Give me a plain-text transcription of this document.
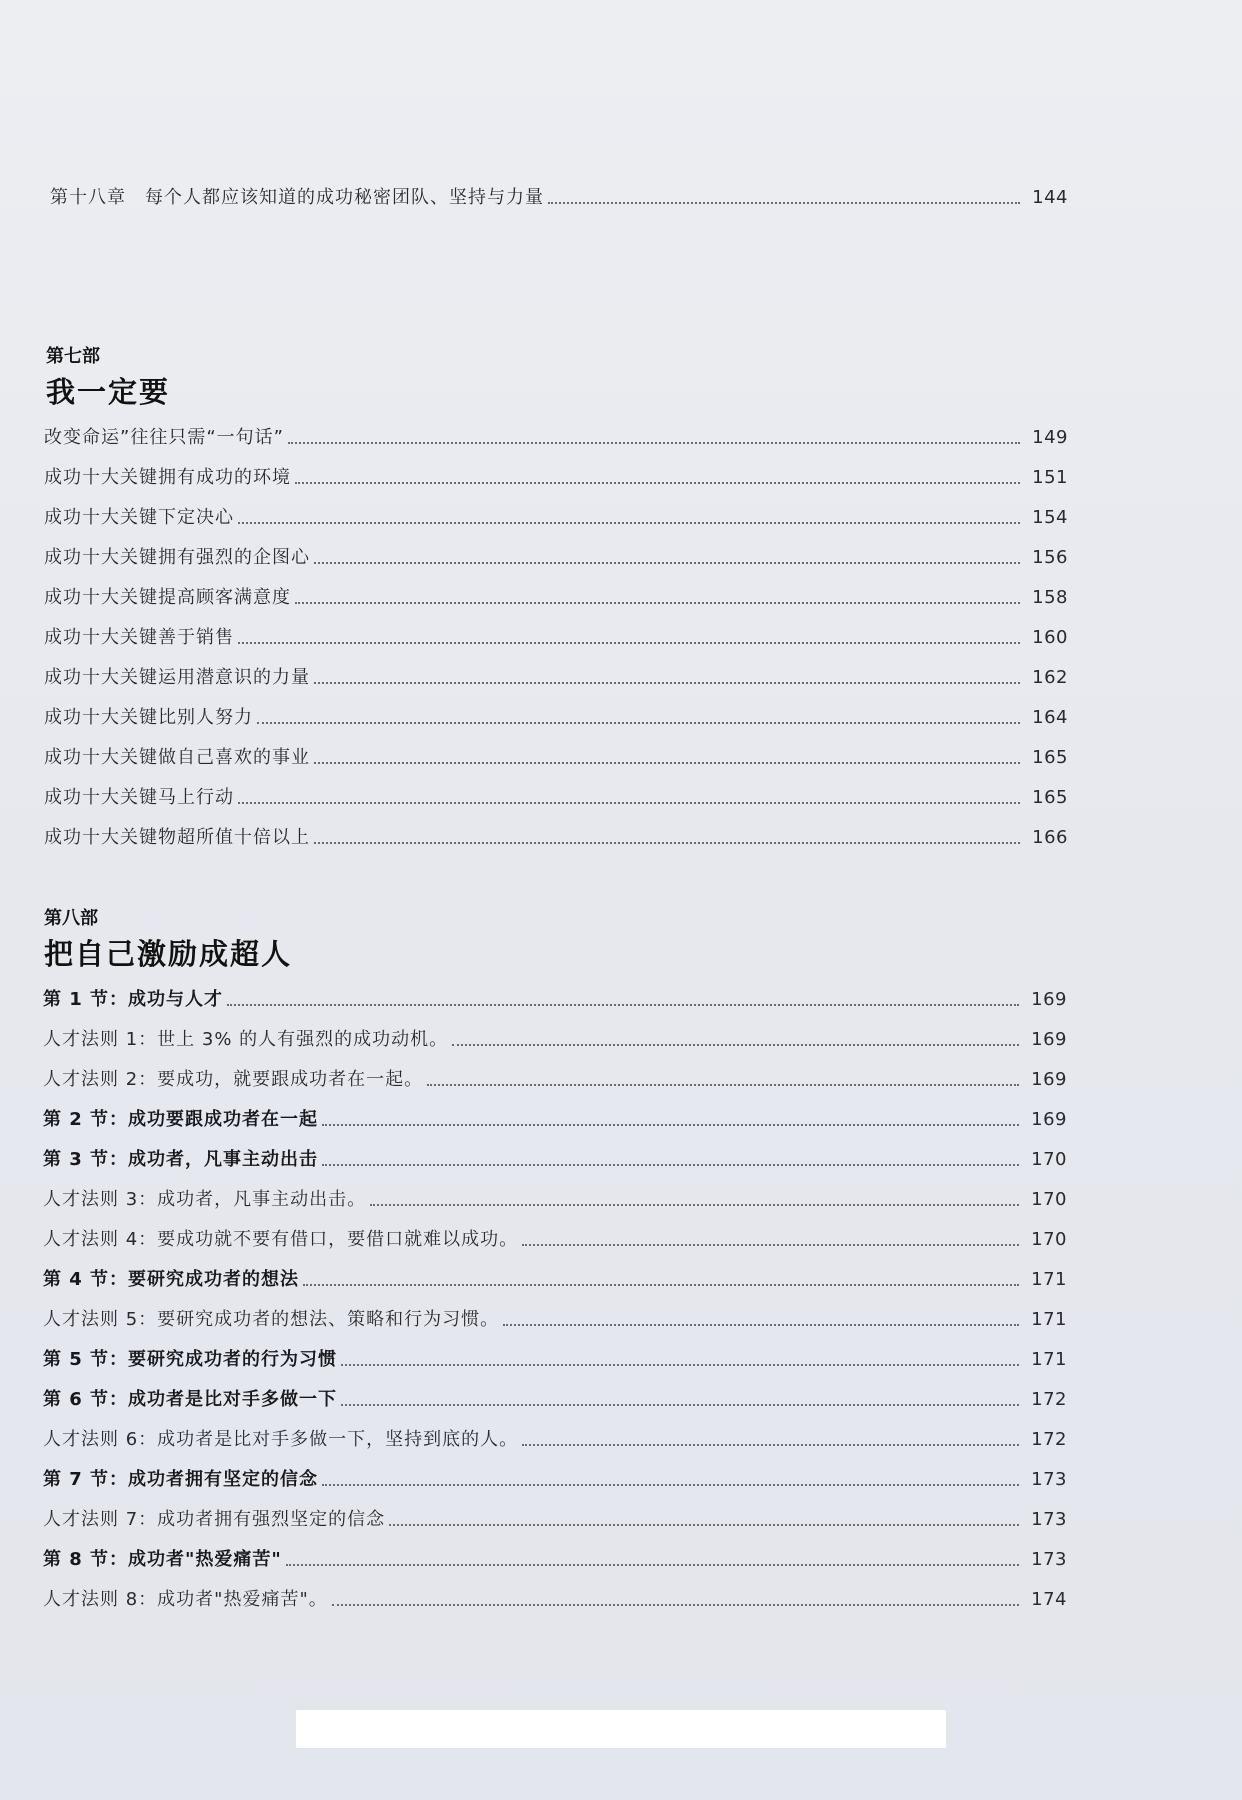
第十八章　每个人都应该知道的成功秘密团队、坚持与力量	144
第七部
我一定要
改变命运”往往只需“一句话”	149
成功十大关键拥有成功的环境	151
成功十大关键下定决心	154
成功十大关键拥有强烈的企图心	156
成功十大关键提高顾客满意度	158
成功十大关键善于销售	160
成功十大关键运用潜意识的力量	162
成功十大关键比别人努力	164
成功十大关键做自己喜欢的事业	165
成功十大关键马上行动	165
成功十大关键物超所值十倍以上	166
第八部
把自己激励成超人
第 1 节：成功与人才	169
人才法则 1：世上 3% 的人有强烈的成功动机。	169
人才法则 2：要成功，就要跟成功者在一起。	169
第 2 节：成功要跟成功者在一起	169
第 3 节：成功者，凡事主动出击	170
人才法则 3：成功者，凡事主动出击。	170
人才法则 4：要成功就不要有借口，要借口就难以成功。	170
第 4 节：要研究成功者的想法	171
人才法则 5：要研究成功者的想法、策略和行为习惯。	171
第 5 节：要研究成功者的行为习惯	171
第 6 节：成功者是比对手多做一下	172
人才法则 6：成功者是比对手多做一下，坚持到底的人。	172
第 7 节：成功者拥有坚定的信念	173
人才法则 7：成功者拥有强烈坚定的信念	173
第 8 节：成功者"热爱痛苦"	173
人才法则 8：成功者"热爱痛苦"。	174
